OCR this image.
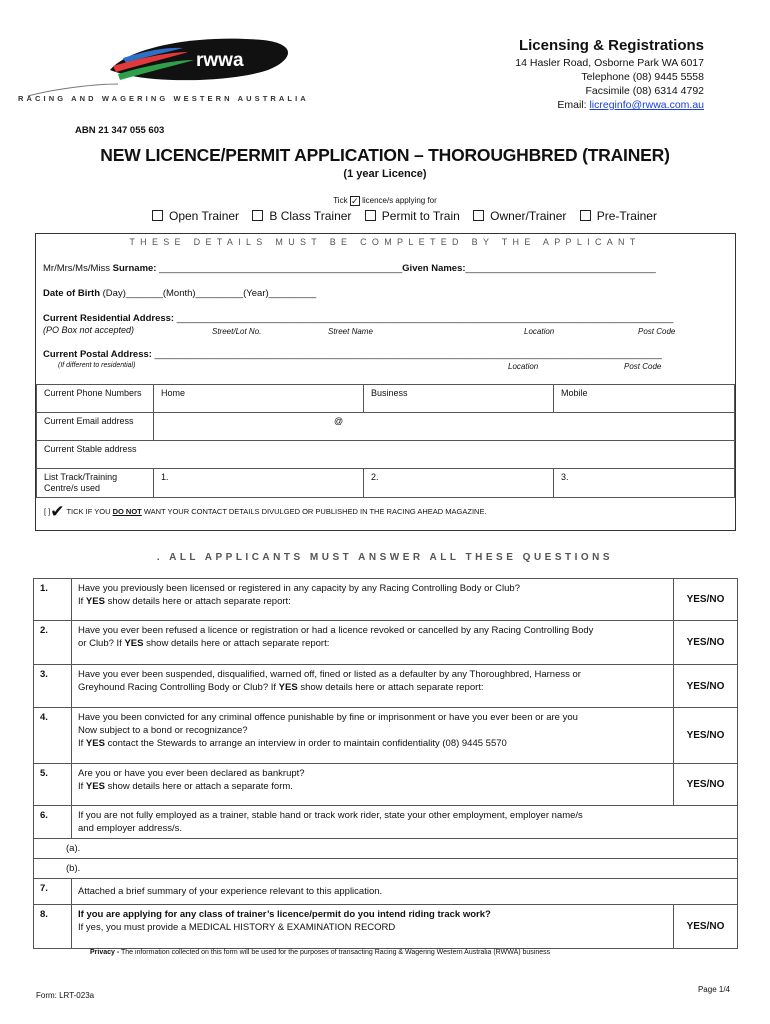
rwwa
RACING AND WAGERING WESTERN AUSTRALIA
Licensing & Registrations
14 Hasler Road, Osborne Park WA 6017
Telephone (08) 9445 5558
Facsimile (08) 6314 4792
Email: licreginfo@rwwa.com.au
ABN 21 347 055 603
NEW LICENCE/PERMIT APPLICATION – THOROUGHBRED (TRAINER)
(1 year Licence)
Tick ✓ licence/s applying for
Open Trainer	B Class Trainer	Permit to Train	Owner/Trainer	Pre-Trainer
THESE DETAILS MUST BE COMPLETED BY THE APPLICANT
Mr/Mrs/Ms/Miss Surname: ______________________________________________Given Names:____________________________________
Date of Birth (Day)_______(Month)_________(Year)_________
Current Residential Address: ______________________________________________________________________________________________
(PO Box not accepted)	Street/Lot No.	Street Name	Location	Post Code
Current Postal Address: ________________________________________________________________________________________________
(If different to residential)	Location	Post Code
Current Phone Numbers	Home	Business	Mobile
Current Email address	@		
Current Stable address			
List Track/Training Centre/s used	1.	2.	3.
[ ]✔ TICK IF YOU DO NOT WANT YOUR CONTACT DETAILS DIVULGED OR PUBLISHED IN THE RACING AHEAD MAGAZINE.
. ALL APPLICANTS MUST ANSWER ALL THESE QUESTIONS
1.	Have you previously been licensed or registered in any capacity by any Racing Controlling Body or Club?
If YES show details here or attach separate report:	YES/NO
2.	Have you ever been refused a licence or registration or had a licence revoked or cancelled by any Racing Controlling Body
or Club? If YES show details here or attach separate report:	YES/NO
3.	Have you ever been suspended, disqualified, warned off, fined or listed as a defaulter by any Thoroughbred, Harness or
Greyhound Racing Controlling Body or Club? If YES show details here or attach separate report:	YES/NO
4.	Have you been convicted for any criminal offence punishable by fine or imprisonment or have you ever been or are you
Now subject to a bond or recognizance?
If YES contact the Stewards to arrange an interview in order to maintain confidentiality (08) 9445 5570	YES/NO
5.	Are you or have you ever been declared as bankrupt?
If YES show details here or attach a separate form.	YES/NO
6.	If you are not fully employed as a trainer, stable hand or track work rider, state your other employment, employer name/s
and employer address/s.	

(a).		
(b).		
7.	Attached a brief summary of your experience relevant to this application.	
8.	If you are applying for any class of trainer’s licence/permit do you intend riding track work?
If yes, you must provide a MEDICAL HISTORY & EXAMINATION RECORD	YES/NO
Privacy - The information collected on this form will be used for the purposes of transacting Racing & Wagering Western Australia (RWWA) business
Form: LRT-023a
Page 1/4
